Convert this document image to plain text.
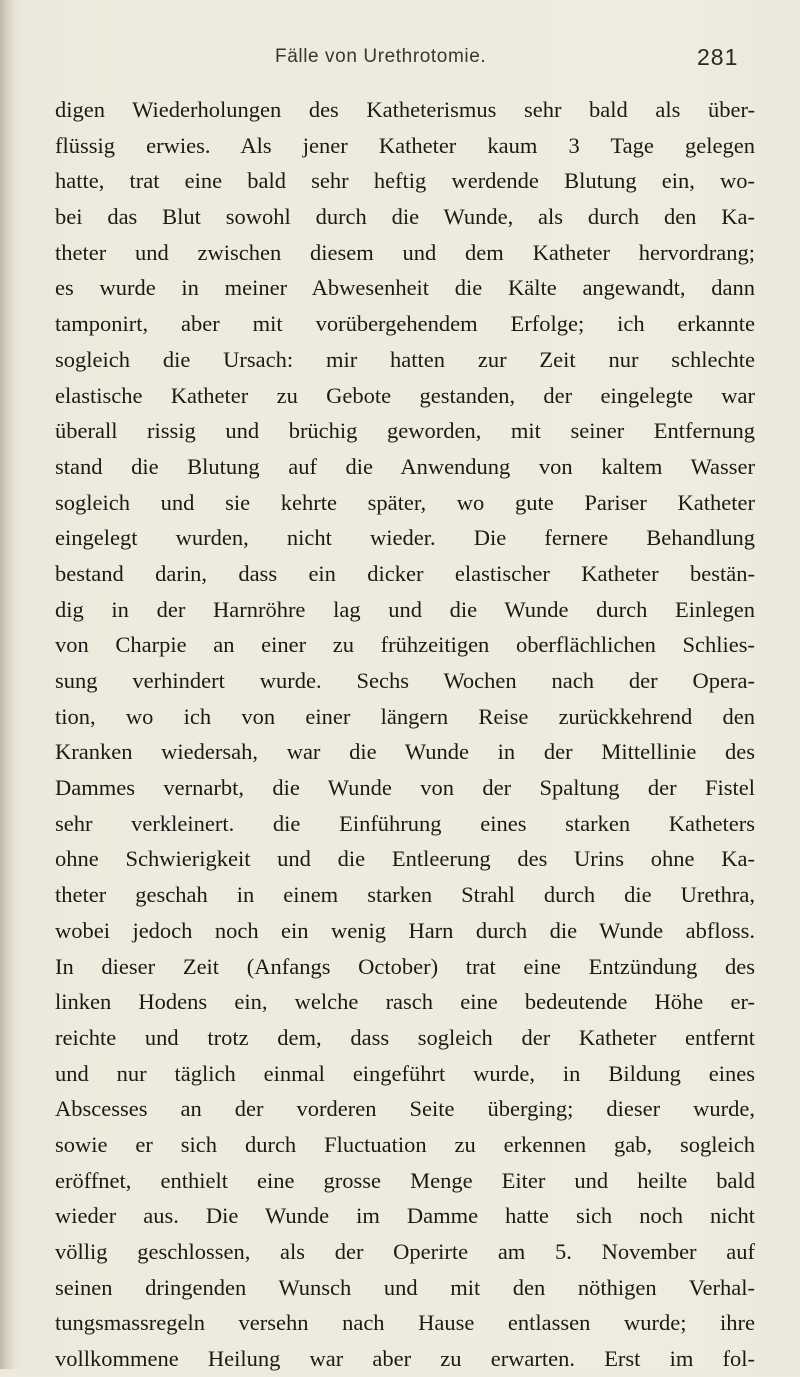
Fälle von Urethrotomie.	281
digen Wiederholungen des Katheterismus sehr bald als über-
flüssig erwies. Als jener Katheter kaum 3 Tage gelegen
hatte, trat eine bald sehr heftig werdende Blutung ein, wo-
bei das Blut sowohl durch die Wunde, als durch den Ka-
theter und zwischen diesem und dem Katheter hervordrang;
es wurde in meiner Abwesenheit die Kälte angewandt, dann
tamponirt, aber mit vorübergehendem Erfolge; ich erkannte
sogleich die Ursach: mir hatten zur Zeit nur schlechte
elastische Katheter zu Gebote gestanden, der eingelegte war
überall rissig und brüchig geworden, mit seiner Entfernung
stand die Blutung auf die Anwendung von kaltem Wasser
sogleich und sie kehrte später, wo gute Pariser Katheter
eingelegt wurden, nicht wieder. Die fernere Behandlung
bestand darin, dass ein dicker elastischer Katheter bestän-
dig in der Harnröhre lag und die Wunde durch Einlegen
von Charpie an einer zu frühzeitigen oberflächlichen Schlies-
sung verhindert wurde. Sechs Wochen nach der Opera-
tion, wo ich von einer längern Reise zurückkehrend den
Kranken wiedersah, war die Wunde in der Mittellinie des
Dammes vernarbt, die Wunde von der Spaltung der Fistel
sehr verkleinert. die Einführung eines starken Katheters
ohne Schwierigkeit und die Entleerung des Urins ohne Ka-
theter geschah in einem starken Strahl durch die Urethra,
wobei jedoch noch ein wenig Harn durch die Wunde abfloss.
In dieser Zeit (Anfangs October) trat eine Entzündung des
linken Hodens ein, welche rasch eine bedeutende Höhe er-
reichte und trotz dem, dass sogleich der Katheter entfernt
und nur täglich einmal eingeführt wurde, in Bildung eines
Abscesses an der vorderen Seite überging; dieser wurde,
sowie er sich durch Fluctuation zu erkennen gab, sogleich
eröffnet, enthielt eine grosse Menge Eiter und heilte bald
wieder aus. Die Wunde im Damme hatte sich noch nicht
völlig geschlossen, als der Operirte am 5. November auf
seinen dringenden Wunsch und mit den nöthigen Verhal-
tungsmassregeln versehn nach Hause entlassen wurde; ihre
vollkommene Heilung war aber zu erwarten. Erst im fol-
